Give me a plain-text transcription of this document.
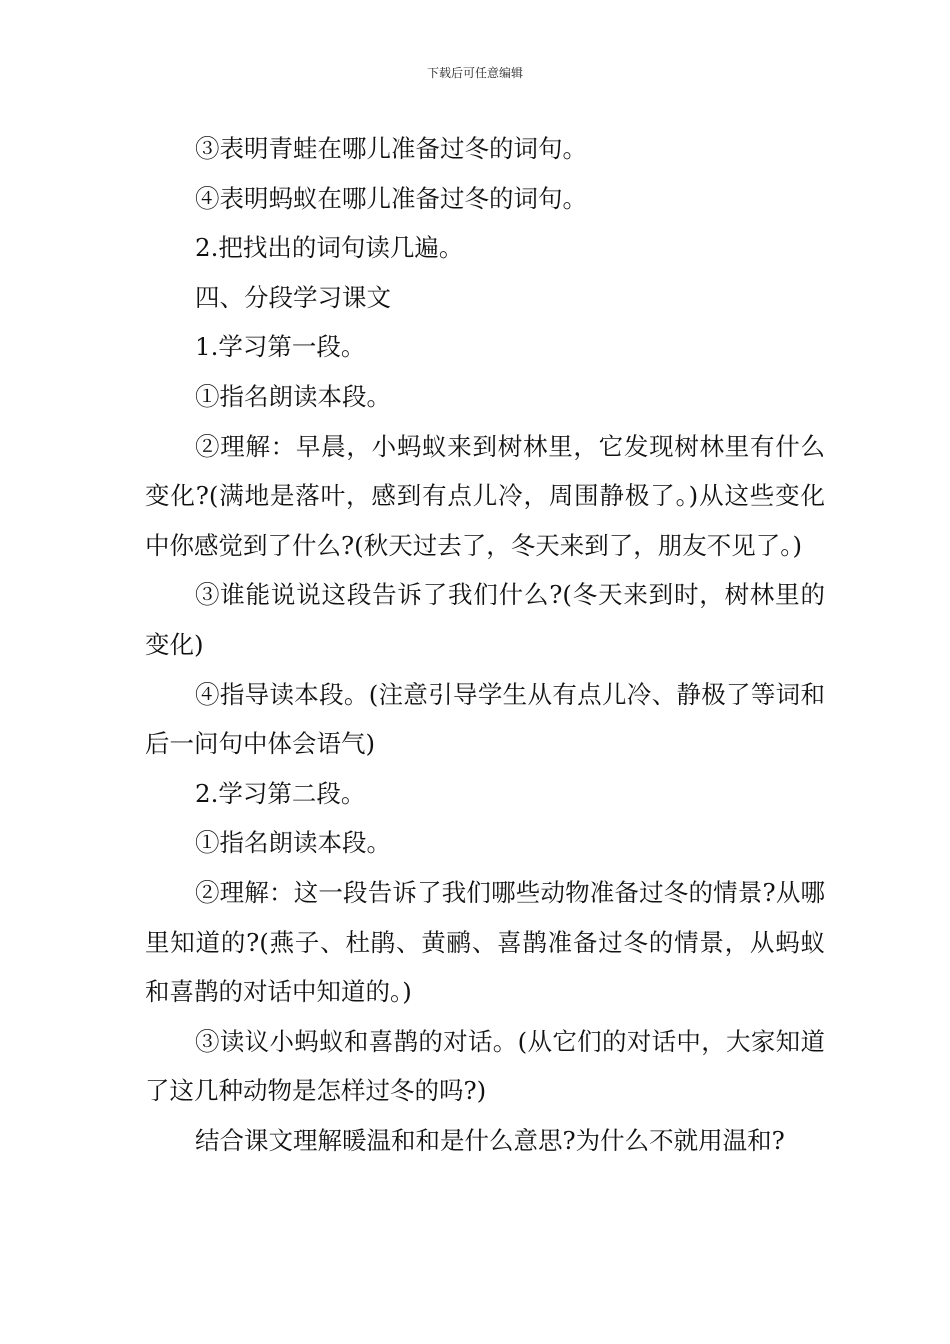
下载后可任意编辑

③表明青蛙在哪儿准备过冬的词句。

④表明蚂蚁在哪儿准备过冬的词句。

2.把找出的词句读几遍。

四、分段学习课文

1.学习第一段。

①指名朗读本段。

②理解：早晨，小蚂蚁来到树林里，它发现树林里有什么变化?(满地是落叶，感到有点儿冷，周围静极了。)从这些变化中你感觉到了什么?(秋天过去了，冬天来到了，朋友不见了。)

③谁能说说这段告诉了我们什么?(冬天来到时，树林里的变化)

④指导读本段。(注意引导学生从有点儿冷、静极了等词和后一问句中体会语气)

2.学习第二段。

①指名朗读本段。

②理解：这一段告诉了我们哪些动物准备过冬的情景?从哪里知道的?(燕子、杜鹃、黄鹂、喜鹊准备过冬的情景，从蚂蚁和喜鹊的对话中知道的。)

③读议小蚂蚁和喜鹊的对话。(从它们的对话中，大家知道了这几种动物是怎样过冬的吗?)

结合课文理解暖温和和是什么意思?为什么不就用温和?
